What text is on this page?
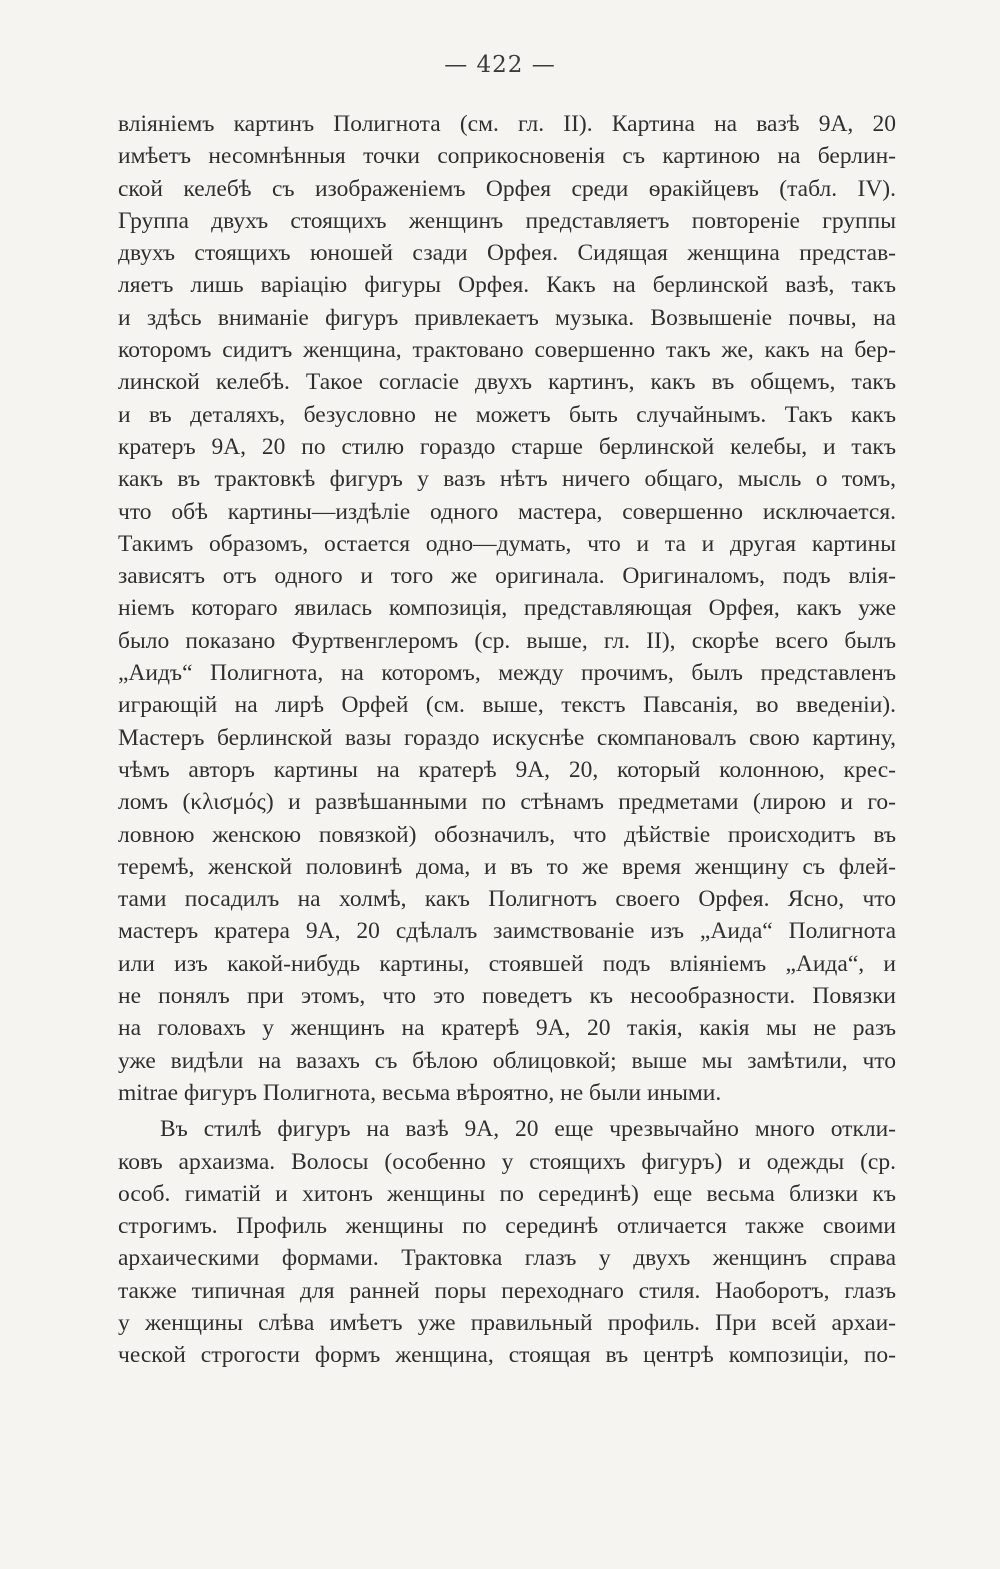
— 422 —
вліяніемъ картинъ Полигнота (см. гл. II). Картина на вазѣ 9А, 20
имѣетъ несомнѣнныя точки соприкосновенія съ картиною на берлин-
ской келебѣ съ изображеніемъ Орфея среди ѳракійцевъ (табл. IV).
Группа двухъ стоящихъ женщинъ представляетъ повтореніе группы
двухъ стоящихъ юношей сзади Орфея. Сидящая женщина представ-
ляетъ лишь варіацію фигуры Орфея. Какъ на берлинской вазѣ, такъ
и здѣсь вниманіе фигуръ привлекаетъ музыка. Возвышеніе почвы, на
которомъ сидитъ женщина, трактовано совершенно такъ же, какъ на бер-
линской келебѣ. Такое согласіе двухъ картинъ, какъ въ общемъ, такъ
и въ деталяхъ, безусловно не можетъ быть случайнымъ. Такъ какъ
кратеръ 9А, 20 по стилю гораздо старше берлинской келебы, и такъ
какъ въ трактовкѣ фигуръ у вазъ нѣтъ ничего общаго, мысль о томъ,
что обѣ картины—издѣліе одного мастера, совершенно исключается.
Такимъ образомъ, остается одно—думать, что и та и другая картины
зависятъ отъ одного и того же оригинала. Оригиналомъ, подъ влія-
ніемъ котораго явилась композиція, представляющая Орфея, какъ уже
было показано Фуртвенглеромъ (ср. выше, гл. II), скорѣе всего былъ
„Аидъ“ Полигнота, на которомъ, между прочимъ, былъ представленъ
играющій на лирѣ Орфей (см. выше, текстъ Павсанія, во введеніи).
Мастеръ берлинской вазы гораздо искуснѣе скомпановалъ свою картину,
чѣмъ авторъ картины на кратерѣ 9А, 20, который колонною, крес-
ломъ (κλισμός) и развѣшанными по стѣнамъ предметами (лирою и го-
ловною женскою повязкой) обозначилъ, что дѣйствіе происходитъ въ
теремѣ, женской половинѣ дома, и въ то же время женщину съ флей-
тами посадилъ на холмѣ, какъ Полигнотъ своего Орфея. Ясно, что
мастеръ кратера 9А, 20 сдѣлалъ заимствованіе изъ „Аида“ Полигнота
или изъ какой-нибудь картины, стоявшей подъ вліяніемъ „Аида“, и
не понялъ при этомъ, что это поведетъ къ несообразности. Повязки
на головахъ у женщинъ на кратерѣ 9А, 20 такія, какія мы не разъ
уже видѣли на вазахъ съ бѣлою облицовкой; выше мы замѣтили, что
mitrae фигуръ Полигнота, весьма вѣроятно, не были иными.
Въ стилѣ фигуръ на вазѣ 9А, 20 еще чрезвычайно много откли-
ковъ архаизма. Волосы (особенно у стоящихъ фигуръ) и одежды (ср.
особ. гиматій и хитонъ женщины по серединѣ) еще весьма близки къ
строгимъ. Профиль женщины по серединѣ отличается также своими
архаическими формами. Трактовка глазъ у двухъ женщинъ справа
также типичная для ранней поры переходнаго стиля. Наоборотъ, глазъ
у женщины слѣва имѣетъ уже правильный профиль. При всей архаи-
ческой строгости формъ женщина, стоящая въ центрѣ композиціи, по-
